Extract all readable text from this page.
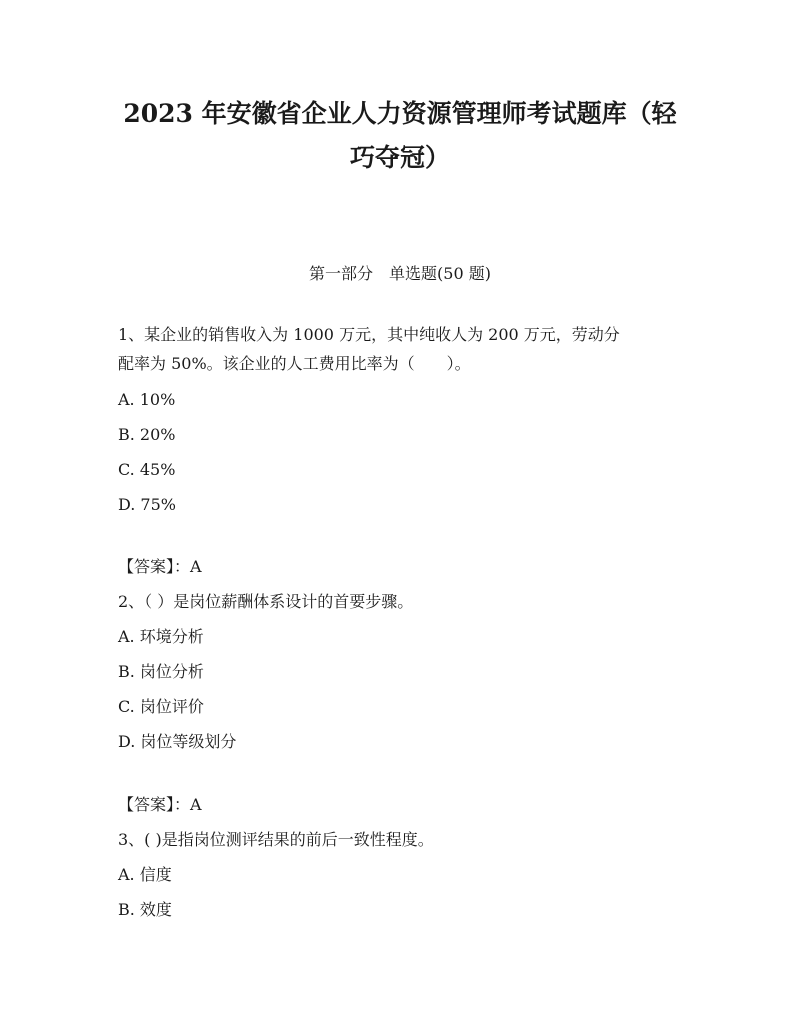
2023 年安徽省企业人力资源管理师考试题库（轻
巧夺冠）

第一部分　单选题(50 题)

1、某企业的销售收入为 1000 万元，其中纯收人为 200 万元，劳动分

配率为 50%。该企业的人工费用比率为（　　）。

A. 10%

B. 20%

C. 45%

D. 75%

【答案】：A

2、（ ）是岗位薪酬体系设计的首要步骤。

A. 环境分析

B. 岗位分析

C. 岗位评价

D. 岗位等级划分

【答案】：A

3、( )是指岗位测评结果的前后一致性程度。

A. 信度

B. 效度
